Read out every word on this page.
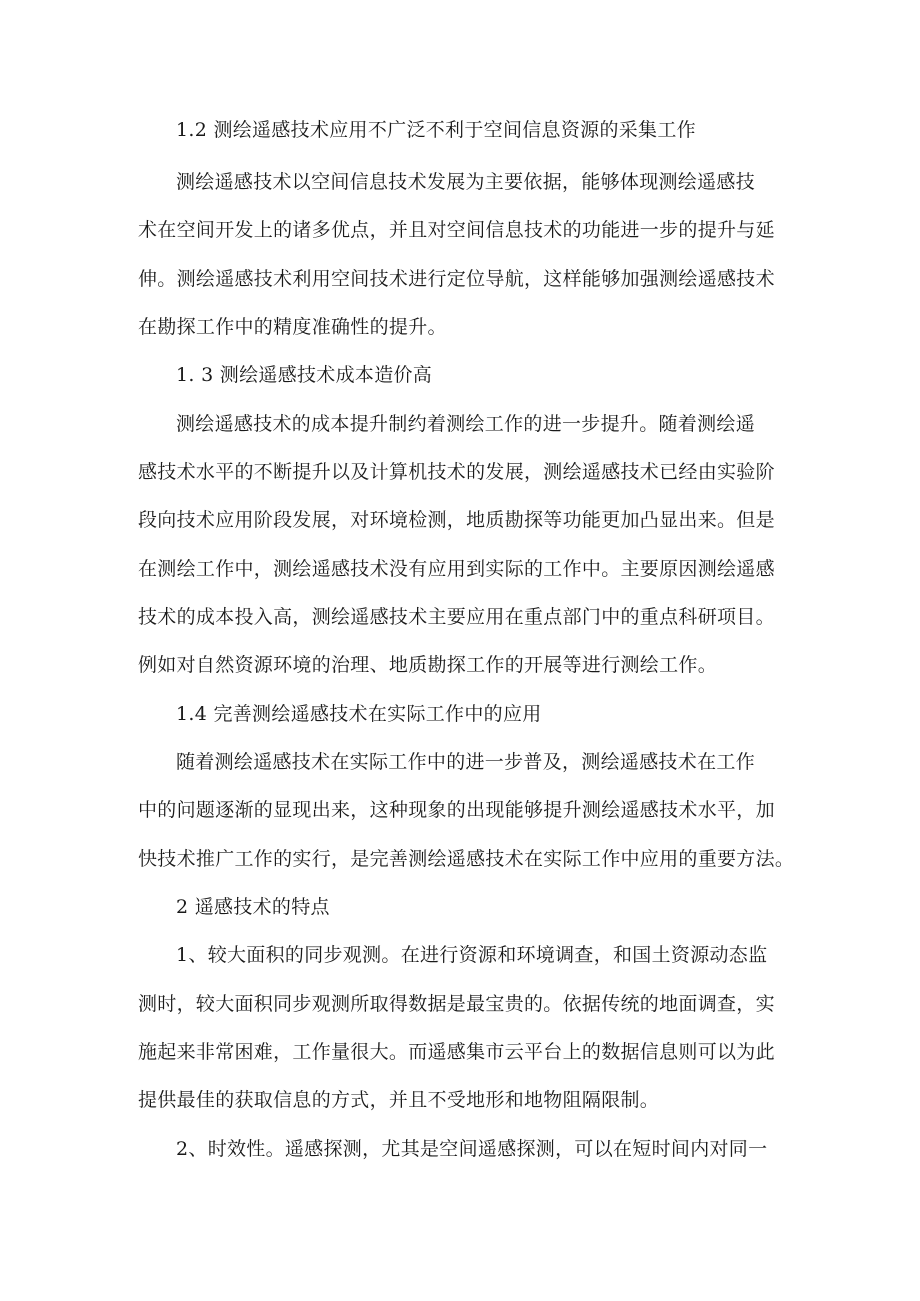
1.2 测绘遥感技术应用不广泛不利于空间信息资源的采集工作
测绘遥感技术以空间信息技术发展为主要依据，能够体现测绘遥感技
术在空间开发上的诸多优点，并且对空间信息技术的功能进一步的提升与延
伸。测绘遥感技术利用空间技术进行定位导航，这样能够加强测绘遥感技术
在勘探工作中的精度准确性的提升。
1. 3 测绘遥感技术成本造价高
测绘遥感技术的成本提升制约着测绘工作的进一步提升。随着测绘遥
感技术水平的不断提升以及计算机技术的发展，测绘遥感技术已经由实验阶
段向技术应用阶段发展，对环境检测，地质勘探等功能更加凸显出来。但是
在测绘工作中，测绘遥感技术没有应用到实际的工作中。主要原因测绘遥感
技术的成本投入高，测绘遥感技术主要应用在重点部门中的重点科研项目。
例如对自然资源环境的治理、地质勘探工作的开展等进行测绘工作。
1.4 完善测绘遥感技术在实际工作中的应用
随着测绘遥感技术在实际工作中的进一步普及，测绘遥感技术在工作
中的问题逐渐的显现出来，这种现象的出现能够提升测绘遥感技术水平，加
快技术推广工作的实行，是完善测绘遥感技术在实际工作中应用的重要方法。
2 遥感技术的特点
1、较大面积的同步观测。在进行资源和环境调查，和国土资源动态监
测时，较大面积同步观测所取得数据是最宝贵的。依据传统的地面调查，实
施起来非常困难，工作量很大。而遥感集市云平台上的数据信息则可以为此
提供最佳的获取信息的方式，并且不受地形和地物阻隔限制。
2、时效性。遥感探测，尤其是空间遥感探测，可以在短时间内对同一
